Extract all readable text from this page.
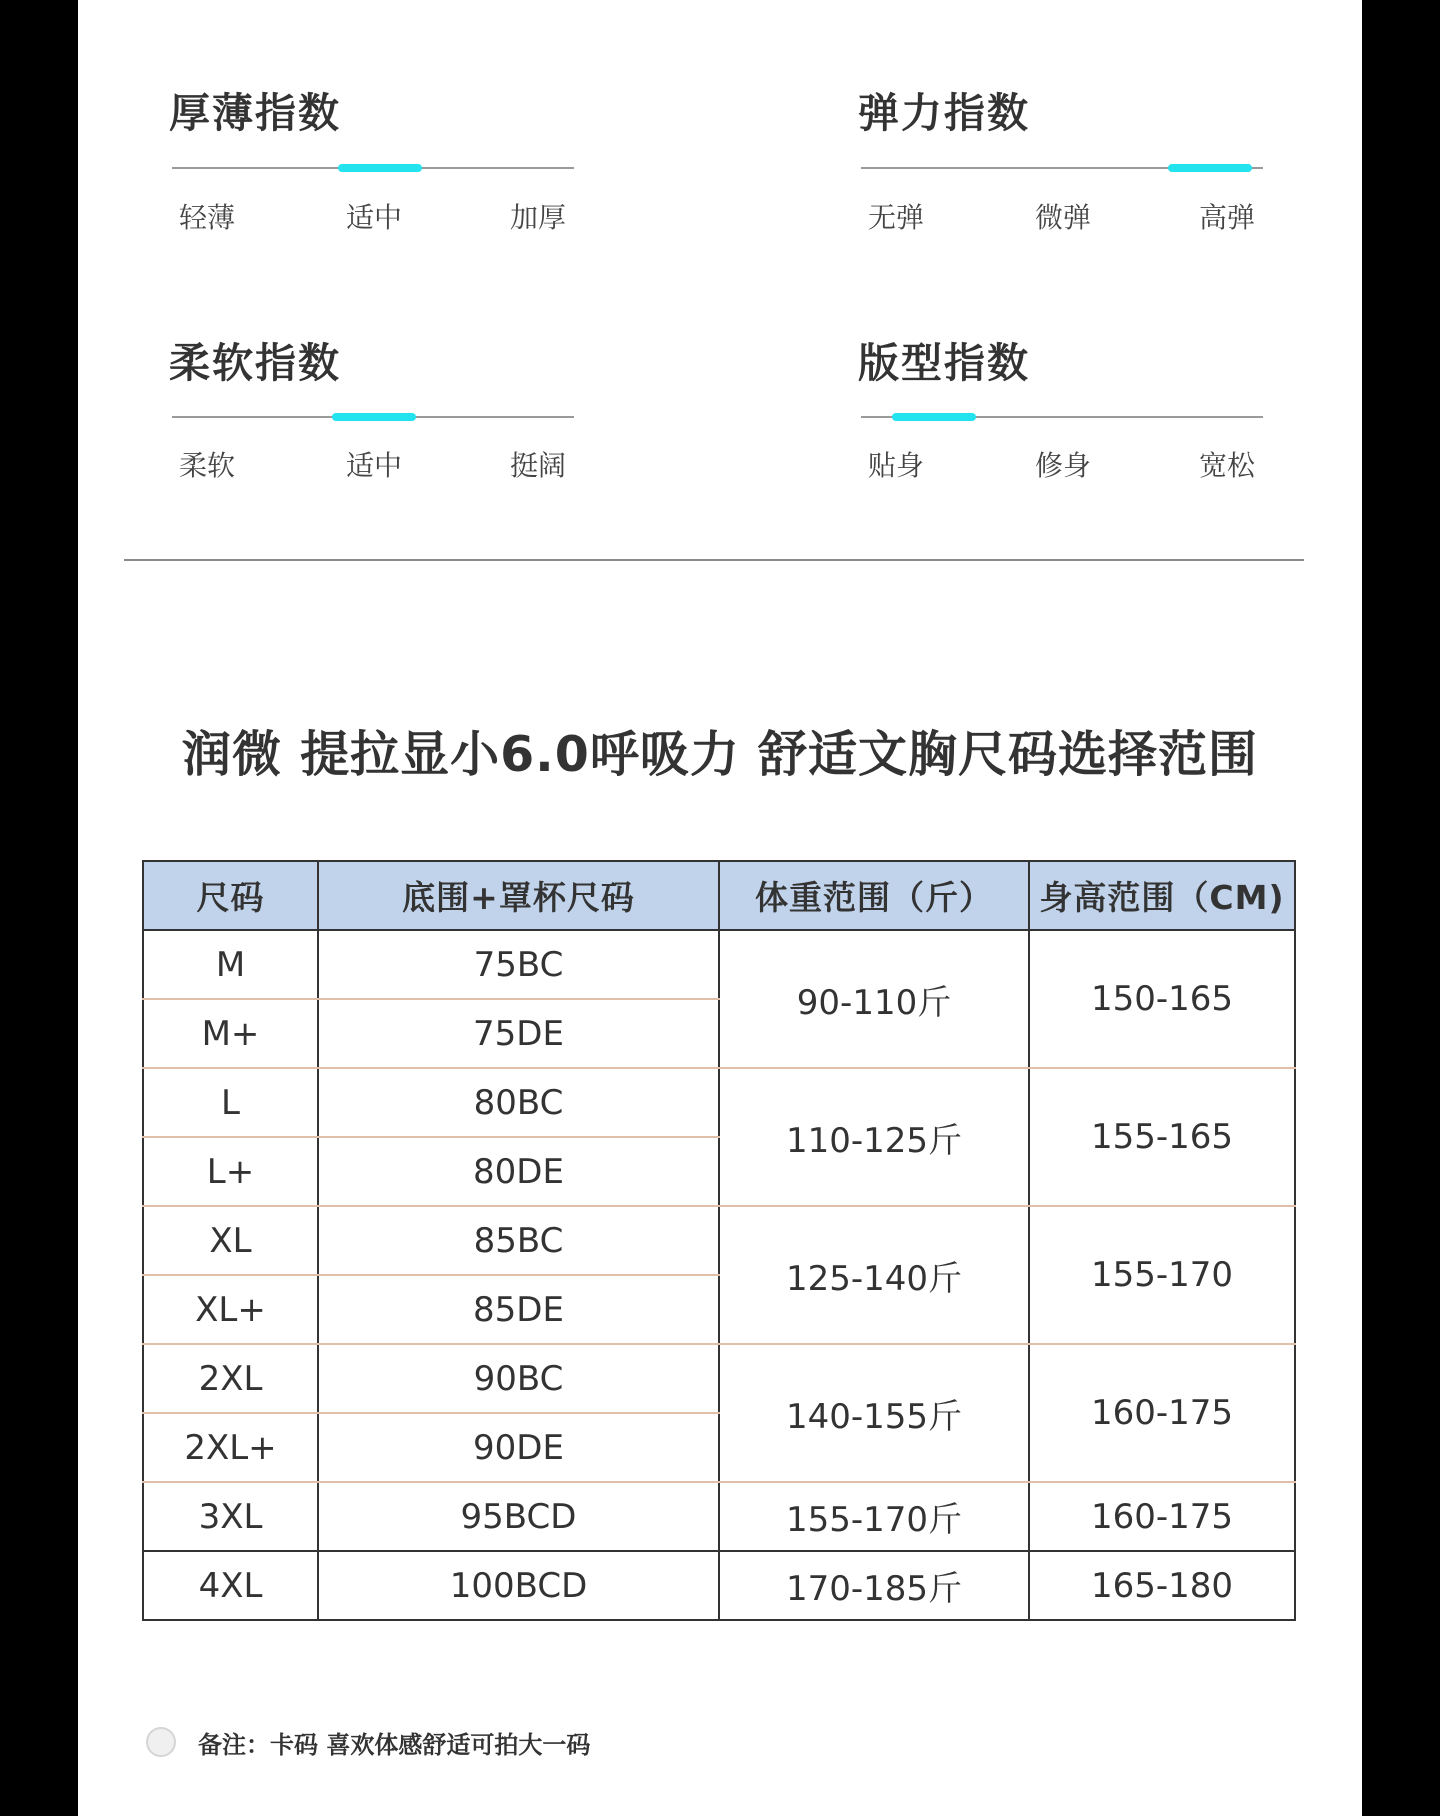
厚薄指数
轻薄	适中	加厚
弹力指数
无弹	微弹	高弹
柔软指数
柔软	适中	挺阔
版型指数
贴身	修身	宽松
润微 提拉显小6.0呼吸力 舒适文胸尺码选择范围
尺码	底围+罩杯尺码	体重范围（斤）	身高范围（CM)
M	75BC	90-110斤	150-165
M+	75DE		
L	80BC	110-125斤	155-165
L+	80DE		
XL	85BC	125-140斤	155-170
XL+	85DE		
2XL	90BC	140-155斤	160-175
2XL+	90DE		
3XL	95BCD	155-170斤	160-175
4XL	100BCD	170-185斤	165-180
备注：卡码 喜欢体感舒适可拍大一码
